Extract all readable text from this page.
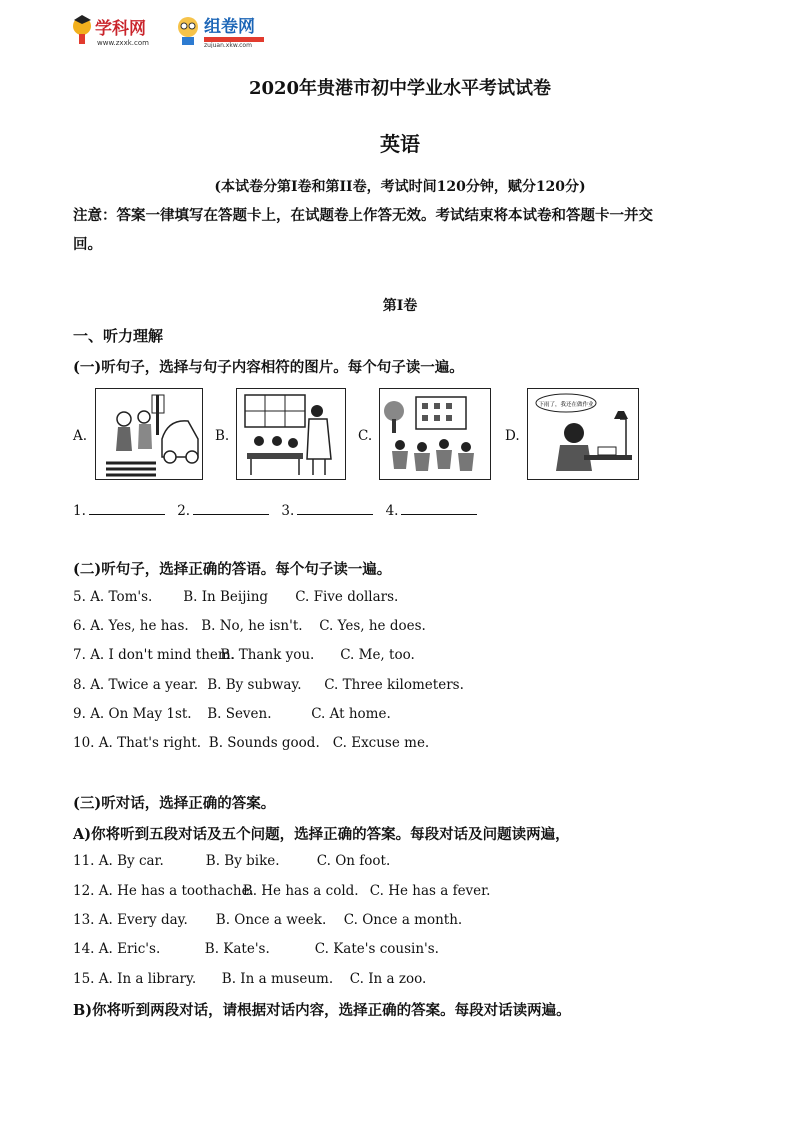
学科网
www.zxxk.com
组卷网
zujuan.xkw.com
2020年贵港市初中学业水平考试试卷
英语
(本试卷分第I卷和第II卷，考试时间120分钟，赋分120分)
注意：答案一律填写在答题卡上，在试题卷上作答无效。考试结束将本试卷和答题卡一并交
回。
第I卷
一、听力理解
(一)听句子，选择与句子内容相符的图片。每个句子读一遍。
A.	B.	C.	D.
下雨了，我还在做作业
1.	2.	3.	4.
(二)听句子，选择正确的答语。每个句子读一遍。
5. A. Tom's. B. In Beijing C. Five dollars.
6. A. Yes, he has. B. No, he isn't. C. Yes, he does.
7. A. I don't mind them.B. Thank you. C. Me, too.
8. A. Twice a year. B. By subway. C. Three kilometers.
9. A. On May 1st. B. Seven.	C. At home.
10. A. That's right. B. Sounds good. C. Excuse me.
(三)听对话，选择正确的答案。
A)你将听到五段对话及五个问题，选择正确的答案。每段对话及问题读两遍，
11. A. By car.	B. By bike.	C. On foot.
12. A. He has a toothache.B. He has a cold. C. He has a fever.
13. A. Every day. B. Once a week. C. Once a month.
14. A. Eric's.	B. Kate's.	C. Kate's cousin's.
15. A. In a library. B. In a museum. C. In a zoo.
B)你将听到两段对话，请根据对话内容，选择正确的答案。每段对话读两遍。
